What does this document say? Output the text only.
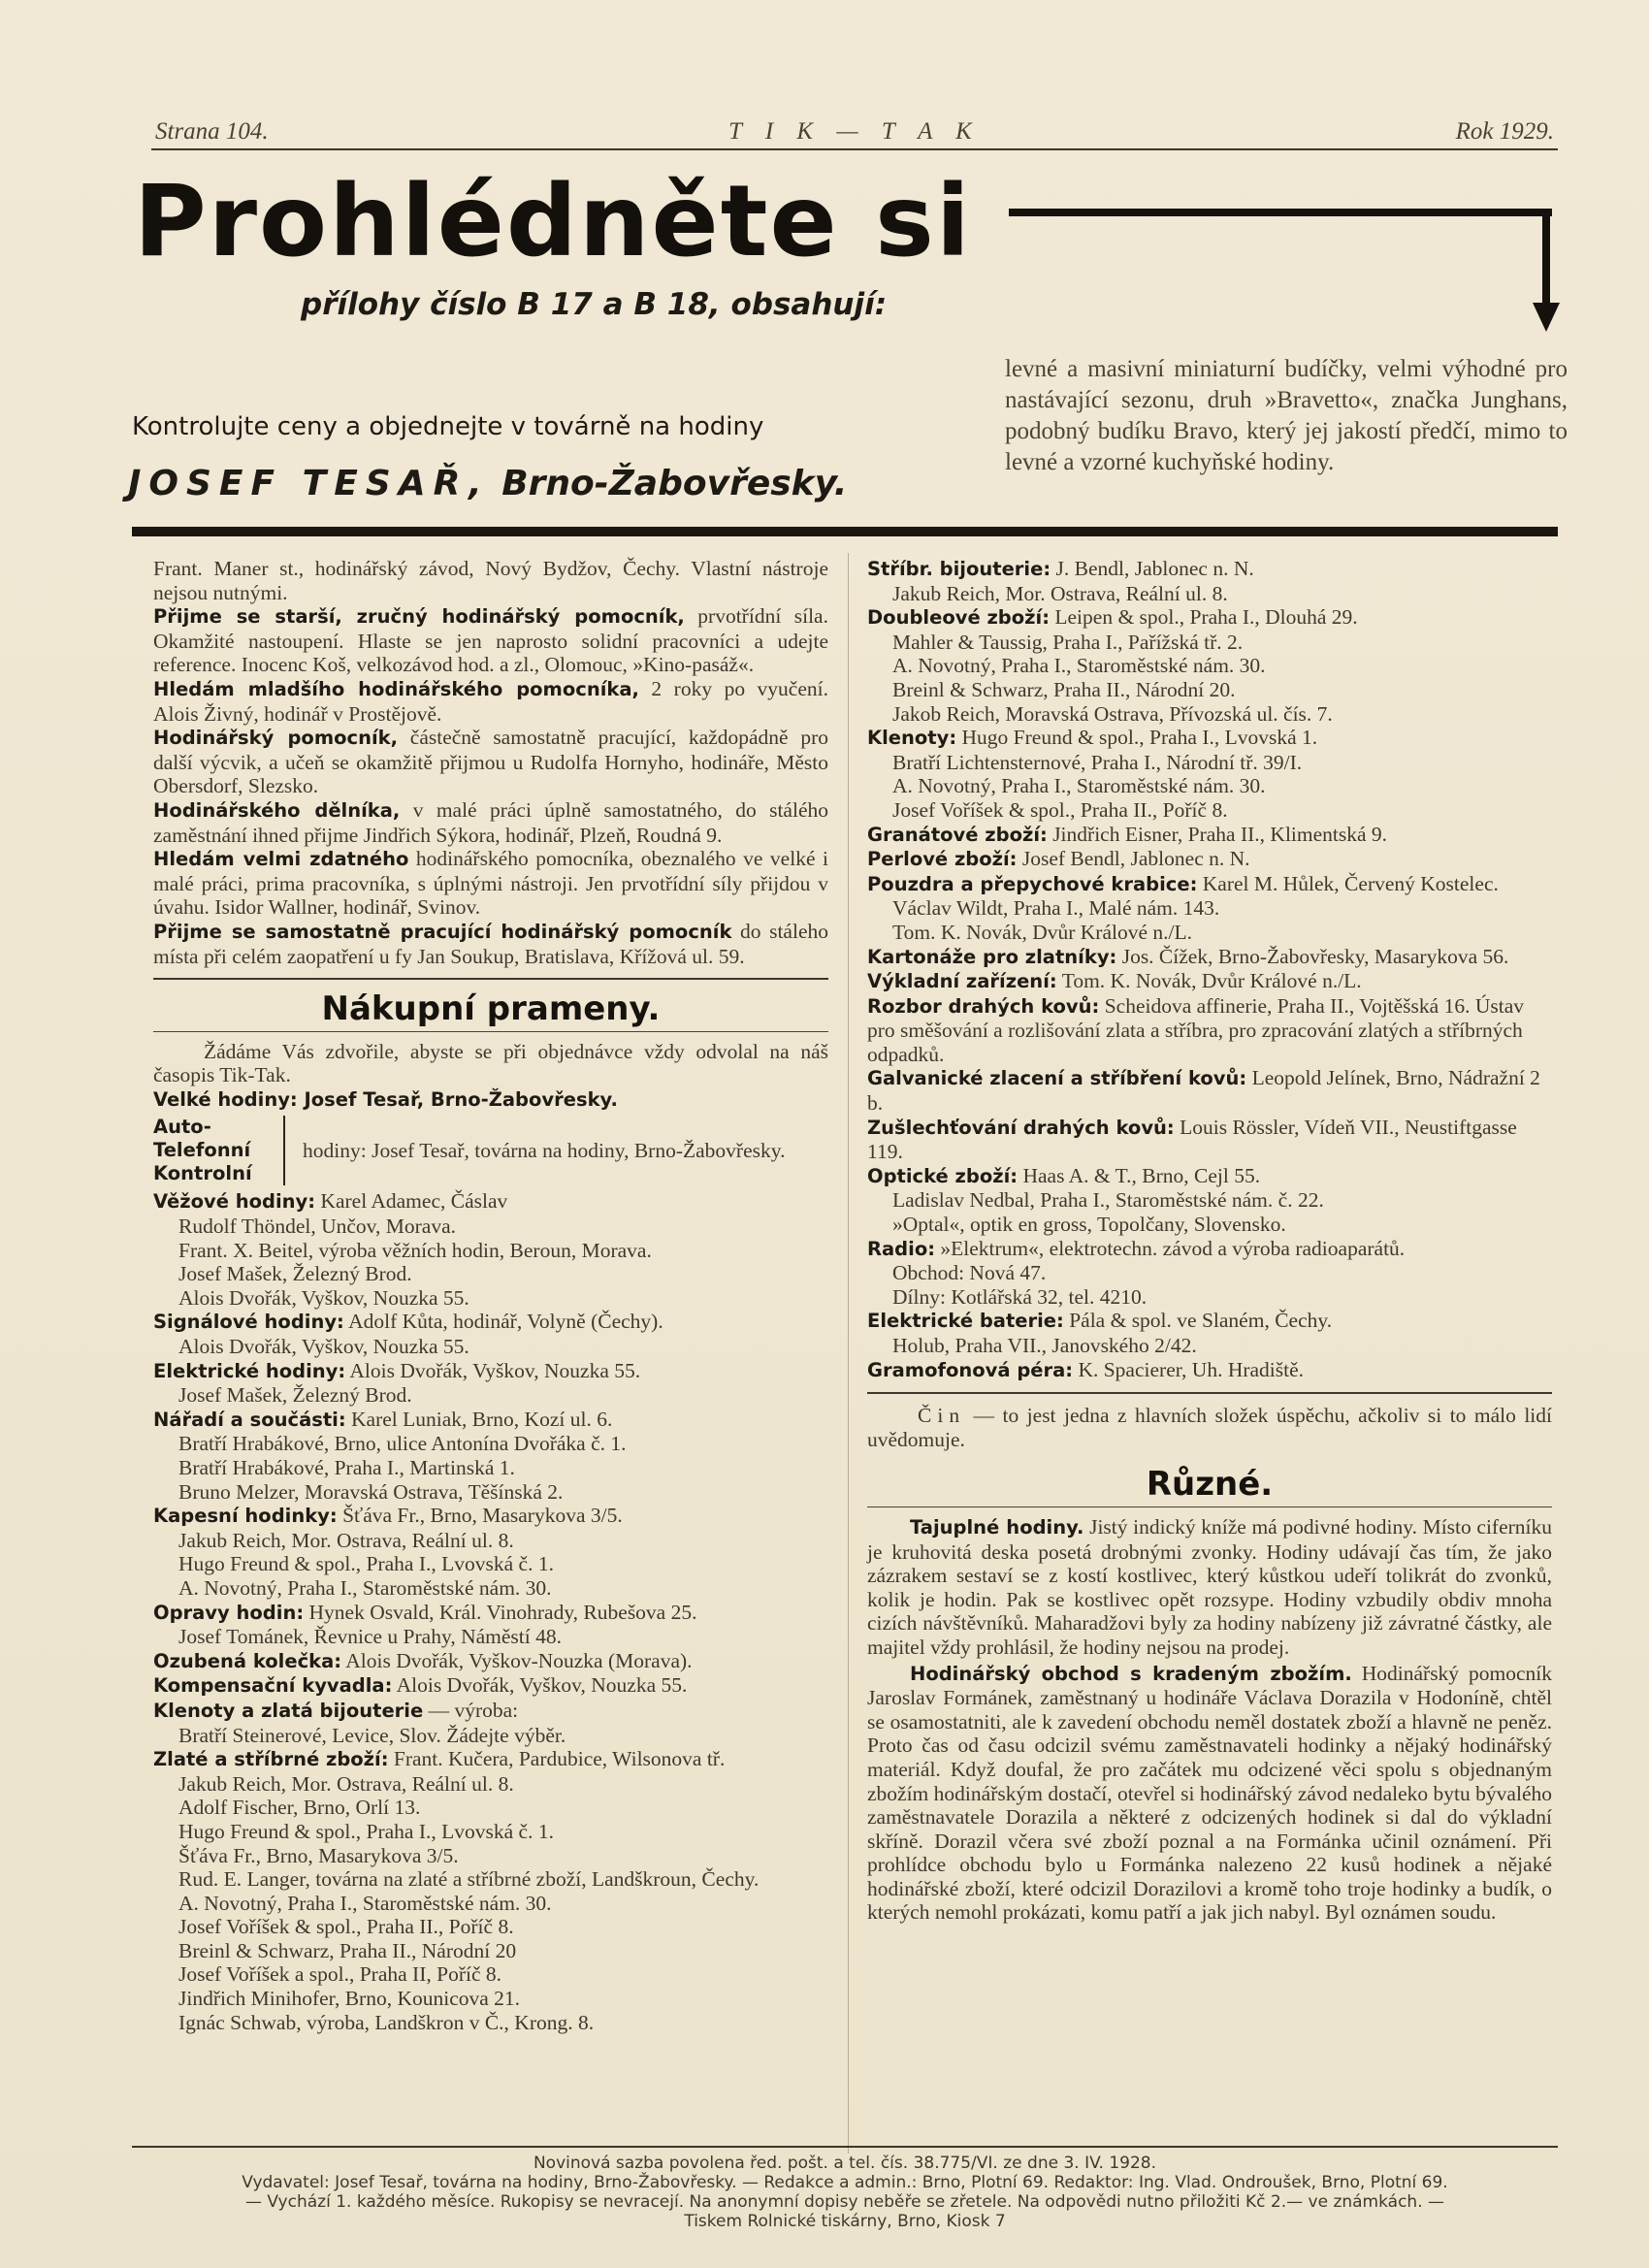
Strana 104.	T I K — T A K	Rok 1929.
Prohlédněte si
přílohy číslo B 17 a B 18, obsahují:
Kontrolujte ceny a objednejte v továrně na hodiny
JOSEF TESAŘ, Brno-Žabovřesky.
levné a masivní miniaturní budíčky, velmi výhodné pro nastávající sezonu, druh »Bravetto«, značka Junghans, podobný budíku Bravo, který jej jakostí předčí, mimo to levné a vzorné kuchyňské hodiny.

Frant. Maner st., hodinářský závod, Nový Bydžov, Čechy. Vlastní nástroje nejsou nutnými.

Přijme se starší, zručný hodinářský pomocník, prvotřídní síla. Okamžité nastoupení. Hlaste se jen naprosto solidní pracovníci a udejte reference. Inocenc Koš, velkozávod hod. a zl., Olomouc, »Kino-pasáž«.

Hledám mladšího hodinářského pomocníka, 2 roky po vyučení. Alois Živný, hodinář v Prostějově.

Hodinářský pomocník, částečně samostatně pracující, každopádně pro další výcvik, a učeň se okamžitě přijmou u Rudolfa Hornyho, hodináře, Město Obersdorf, Slezsko.

Hodinářského dělníka, v malé práci úplně samostatného, do stálého zaměstnání ihned přijme Jindřich Sýkora, hodinář, Plzeň, Roudná 9.

Hledám velmi zdatného hodinářského pomocníka, obeznalého ve velké i malé práci, prima pracovníka, s úplnými nástroji. Jen prvotřídní síly přijdou v úvahu. Isidor Wallner, hodinář, Svinov.

Přijme se samostatně pracující hodinářský pomocník do stáleho místa při celém zaopatření u fy Jan Soukup, Bratislava, Křížová ul. 59.

Nákupní prameny.

Žádáme Vás zdvořile, abyste se při objednávce vždy odvolal na náš časopis Tik-Tak.

Velké hodiny: Josef Tesař, Brno-Žabovřesky.

Auto-
Telefonní
Kontrolní
hodiny: Josef Tesař, továrna na hodiny, Brno-Žabovřesky.

Věžové hodiny: Karel Adamec, Čáslav

Rudolf Thöndel, Unčov, Morava.

Frant. X. Beitel, výroba věžních hodin, Beroun, Morava.

Josef Mašek, Železný Brod.

Alois Dvořák, Vyškov, Nouzka 55.

Signálové hodiny: Adolf Kůta, hodinář, Volyně (Čechy).

Alois Dvořák, Vyškov, Nouzka 55.

Elektrické hodiny: Alois Dvořák, Vyškov, Nouzka 55.

Josef Mašek, Železný Brod.

Nářadí a součásti: Karel Luniak, Brno, Kozí ul. 6.

Bratří Hrabákové, Brno, ulice Antonína Dvořáka č. 1.

Bratří Hrabákové, Praha I., Martinská 1.

Bruno Melzer, Moravská Ostrava, Těšínská 2.

Kapesní hodinky: Šťáva Fr., Brno, Masarykova 3/5.

Jakub Reich, Mor. Ostrava, Reální ul. 8.

Hugo Freund & spol., Praha I., Lvovská č. 1.

A. Novotný, Praha I., Staroměstské nám. 30.

Opravy hodin: Hynek Osvald, Král. Vinohrady, Rubešova 25.

Josef Tománek, Řevnice u Prahy, Náměstí 48.

Ozubená kolečka: Alois Dvořák, Vyškov-Nouzka (Morava).

Kompensační kyvadla: Alois Dvořák, Vyškov, Nouzka 55.

Klenoty a zlatá bijouterie — výroba:

Bratří Steinerové, Levice, Slov. Žádejte výběr.

Zlaté a stříbrné zboží: Frant. Kučera, Pardubice, Wilsonova tř.

Jakub Reich, Mor. Ostrava, Reální ul. 8.

Adolf Fischer, Brno, Orlí 13.

Hugo Freund & spol., Praha I., Lvovská č. 1.

Šťáva Fr., Brno, Masarykova 3/5.

Rud. E. Langer, továrna na zlaté a stříbrné zboží, Landškroun, Čechy.

A. Novotný, Praha I., Staroměstské nám. 30.

Josef Voříšek & spol., Praha II., Poříč 8.

Breinl & Schwarz, Praha II., Národní 20

Josef Voříšek a spol., Praha II, Poříč 8.

Jindřich Minihofer, Brno, Kounicova 21.

Ignác Schwab, výroba, Landškron v Č., Krong. 8.

Stříbr. bijouterie: J. Bendl, Jablonec n. N.

Jakub Reich, Mor. Ostrava, Reální ul. 8.

Doubleové zboží: Leipen & spol., Praha I., Dlouhá 29.

Mahler & Taussig, Praha I., Pařížská tř. 2.

A. Novotný, Praha I., Staroměstské nám. 30.

Breinl & Schwarz, Praha II., Národní 20.

Jakob Reich, Moravská Ostrava, Přívozská ul. čís. 7.

Klenoty: Hugo Freund & spol., Praha I., Lvovská 1.

Bratří Lichtensternové, Praha I., Národní tř. 39/I.

A. Novotný, Praha I., Staroměstské nám. 30.

Josef Voříšek & spol., Praha II., Poříč 8.

Granátové zboží: Jindřich Eisner, Praha II., Klimentská 9.

Perlové zboží: Josef Bendl, Jablonec n. N.

Pouzdra a přepychové krabice: Karel M. Hůlek, Červený Kostelec.

Václav Wildt, Praha I., Malé nám. 143.

Tom. K. Novák, Dvůr Králové n./L.

Kartonáže pro zlatníky: Jos. Čížek, Brno-Žabovřesky, Masarykova 56.

Výkladní zařízení: Tom. K. Novák, Dvůr Králové n./L.

Rozbor drahých kovů: Scheidova affinerie, Praha II., Vojtěšská 16. Ústav pro směšování a rozlišování zlata a stříbra, pro zpracování zlatých a stříbrných odpadků.

Galvanické zlacení a stříbření kovů: Leopold Jelínek, Brno, Nádražní 2 b.

Zušlechťování drahých kovů: Louis Rössler, Vídeň VII., Neustiftgasse 119.

Optické zboží: Haas A. & T., Brno, Cejl 55.

Ladislav Nedbal, Praha I., Staroměstské nám. č. 22.

»Optal«, optik en gross, Topolčany, Slovensko.

Radio: »Elektrum«, elektrotechn. závod a výroba radioaparátů.

Obchod: Nová 47.

Dílny: Kotlářská 32, tel. 4210.

Elektrické baterie: Pála & spol. ve Slaném, Čechy.

Holub, Praha VII., Janovského 2/42.

Gramofonová péra: K. Spacierer, Uh. Hradiště.

Čin — to jest jedna z hlavních složek úspěchu, ačkoliv si to málo lidí uvědomuje.

Různé.

Tajuplné hodiny. Jistý indický kníže má podivné hodiny. Místo ciferníku je kruhovitá deska posetá drobnými zvonky. Hodiny udávají čas tím, že jako zázrakem sestaví se z kostí kostlivec, který kůstkou udeří tolikrát do zvonků, kolik je hodin. Pak se kostlivec opět rozsype. Hodiny vzbudily obdiv mnoha cizích návštěvníků. Maharadžovi byly za hodiny nabízeny již závratné částky, ale majitel vždy prohlásil, že hodiny nejsou na prodej.

Hodinářský obchod s kradeným zbožím. Hodinářský pomocník Jaroslav Formánek, zaměstnaný u hodináře Václava Dorazila v Hodoníně, chtěl se osamostatniti, ale k zavedení obchodu neměl dostatek zboží a hlavně ne peněz. Proto čas od času odcizil svému zaměstnavateli hodinky a nějaký hodinářský materiál. Když doufal, že pro začátek mu odcizené věci spolu s objednaným zbožím hodinářským dostačí, otevřel si hodinářský závod nedaleko bytu bývalého zaměstnavatele Dorazila a některé z odcizených hodinek si dal do výkladní skříně. Dorazil včera své zboží poznal a na Formánka učinil oznámení. Při prohlídce obchodu bylo u Formánka nalezeno 22 kusů hodinek a nějaké hodinářské zboží, které odcizil Dorazilovi a kromě toho troje hodinky a budík, o kterých nemohl prokázati, komu patří a jak jich nabyl. Byl oznámen soudu.

Novinová sazba povolena řed. pošt. a tel. čís. 38.775/VI. ze dne 3. IV. 1928.
Vydavatel: Josef Tesař, továrna na hodiny, Brno-Žabovřesky. — Redakce a admin.: Brno, Plotní 69. Redaktor: Ing. Vlad. Ondroušek, Brno, Plotní 69.
— Vychází 1. každého měsíce. Rukopisy se nevracejí. Na anonymní dopisy neběře se zřetele. Na odpovědi nutno přiložiti Kč 2.— ve známkách. —
Tiskem Rolnické tiskárny, Brno, Kiosk 7
